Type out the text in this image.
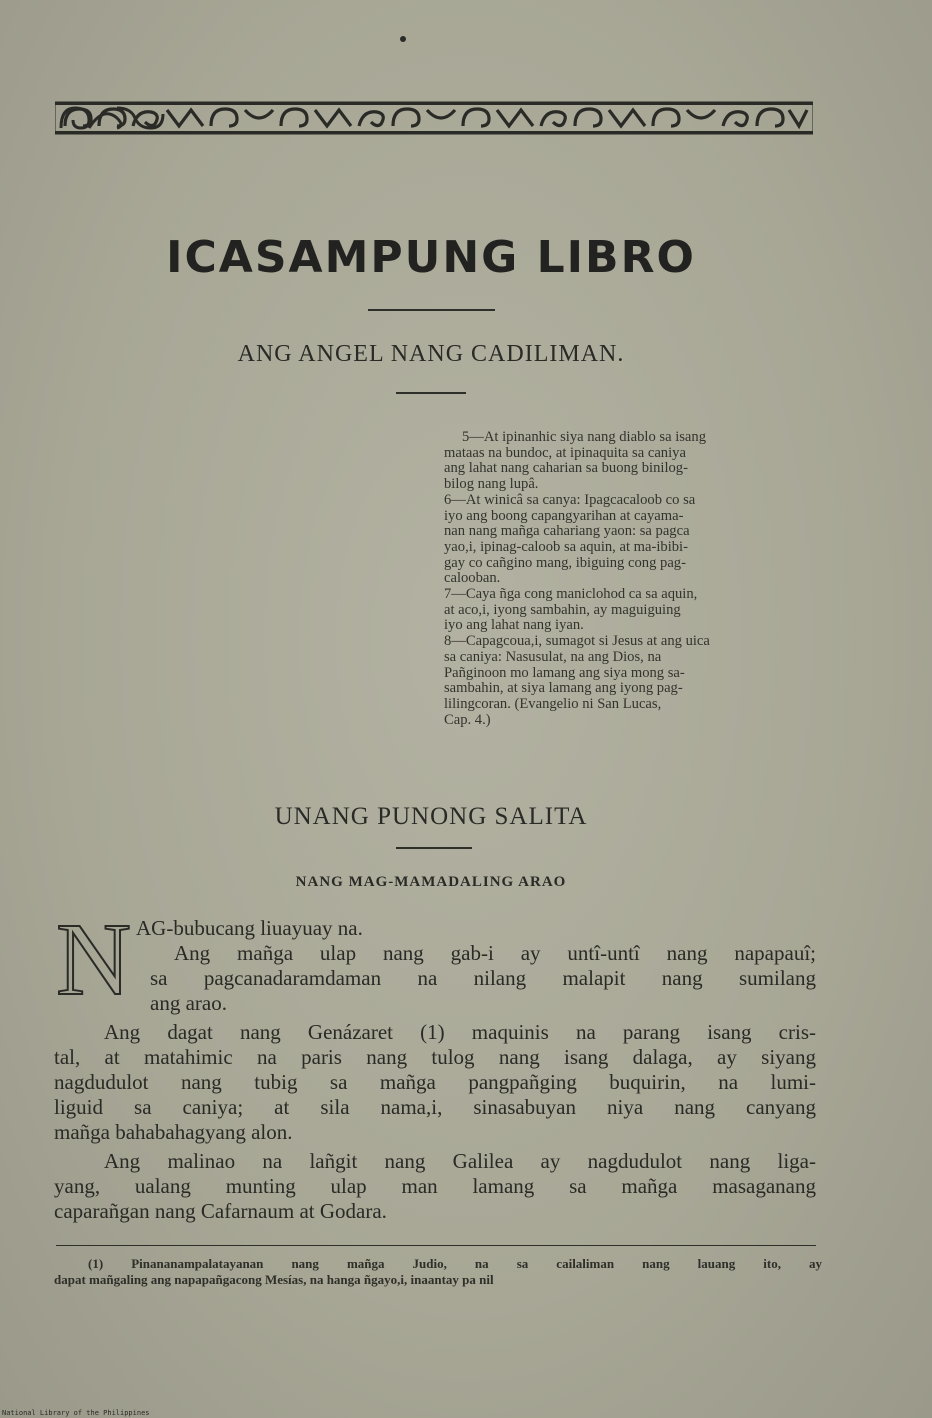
ICASAMPUNG LIBRO
ANG ANGEL NANG CADILIMAN.
5—At ipinanhic siya nang diablo sa isang
mataas na bundoc, at ipinaquita sa caniya
ang lahat nang caharian sa buong binilog-
bilog nang lupâ.
6—At winicâ sa canya: Ipagcacaloob co sa
iyo ang boong capangyarihan at cayama-
nan nang mañga cahariang yaon: sa pagca
yao,i, ipinag-caloob sa aquin, at ma-ibibi-
gay co cañgino mang, ibiguing cong pag-
calooban.
7—Caya ñga cong maniclohod ca sa aquin,
at aco,i, iyong sambahin, ay maguiguing
iyo ang lahat nang iyan.
8—Capagcoua,i, sumagot si Jesus at ang uica
sa caniya: Nasusulat, na ang Dios, na
Pañginoon mo lamang ang siya mong sa-
sambahin, at siya lamang ang iyong pag-
lilingcoran. (Evangelio ni San Lucas,
Cap. 4.)
UNANG PUNONG SALITA
NANG MAG-MAMADALING ARAO
N AG-bubucang liuayuay na.
Ang mañga ulap nang gab-i ay untî-untî nang napapauî;
sa pagcanadaramdaman na nilang malapit nang sumilang
ang arao.
Ang dagat nang Genázaret (1) maquinis na parang isang cris-
tal, at matahimic na paris nang tulog nang isang dalaga, ay siyang
nagdudulot nang tubig sa mañga pangpañging buquirin, na lumi-
liguid sa caniya; at sila nama,i, sinasabuyan niya nang canyang
mañga bahabahagyang alon.
Ang malinao na lañgit nang Galilea ay nagdudulot nang liga-
yang, ualang munting ulap man lamang sa mañga masaganang
caparañgan nang Cafarnaum at Godara.
(1) Pinananampalatayanan nang mañga Judio, na sa cailaliman nang lauang ito, ay
dapat mañgaling ang napapañgacong Mesías, na hanga ñgayo,i, inaantay pa nil
National Library of the Philippines
